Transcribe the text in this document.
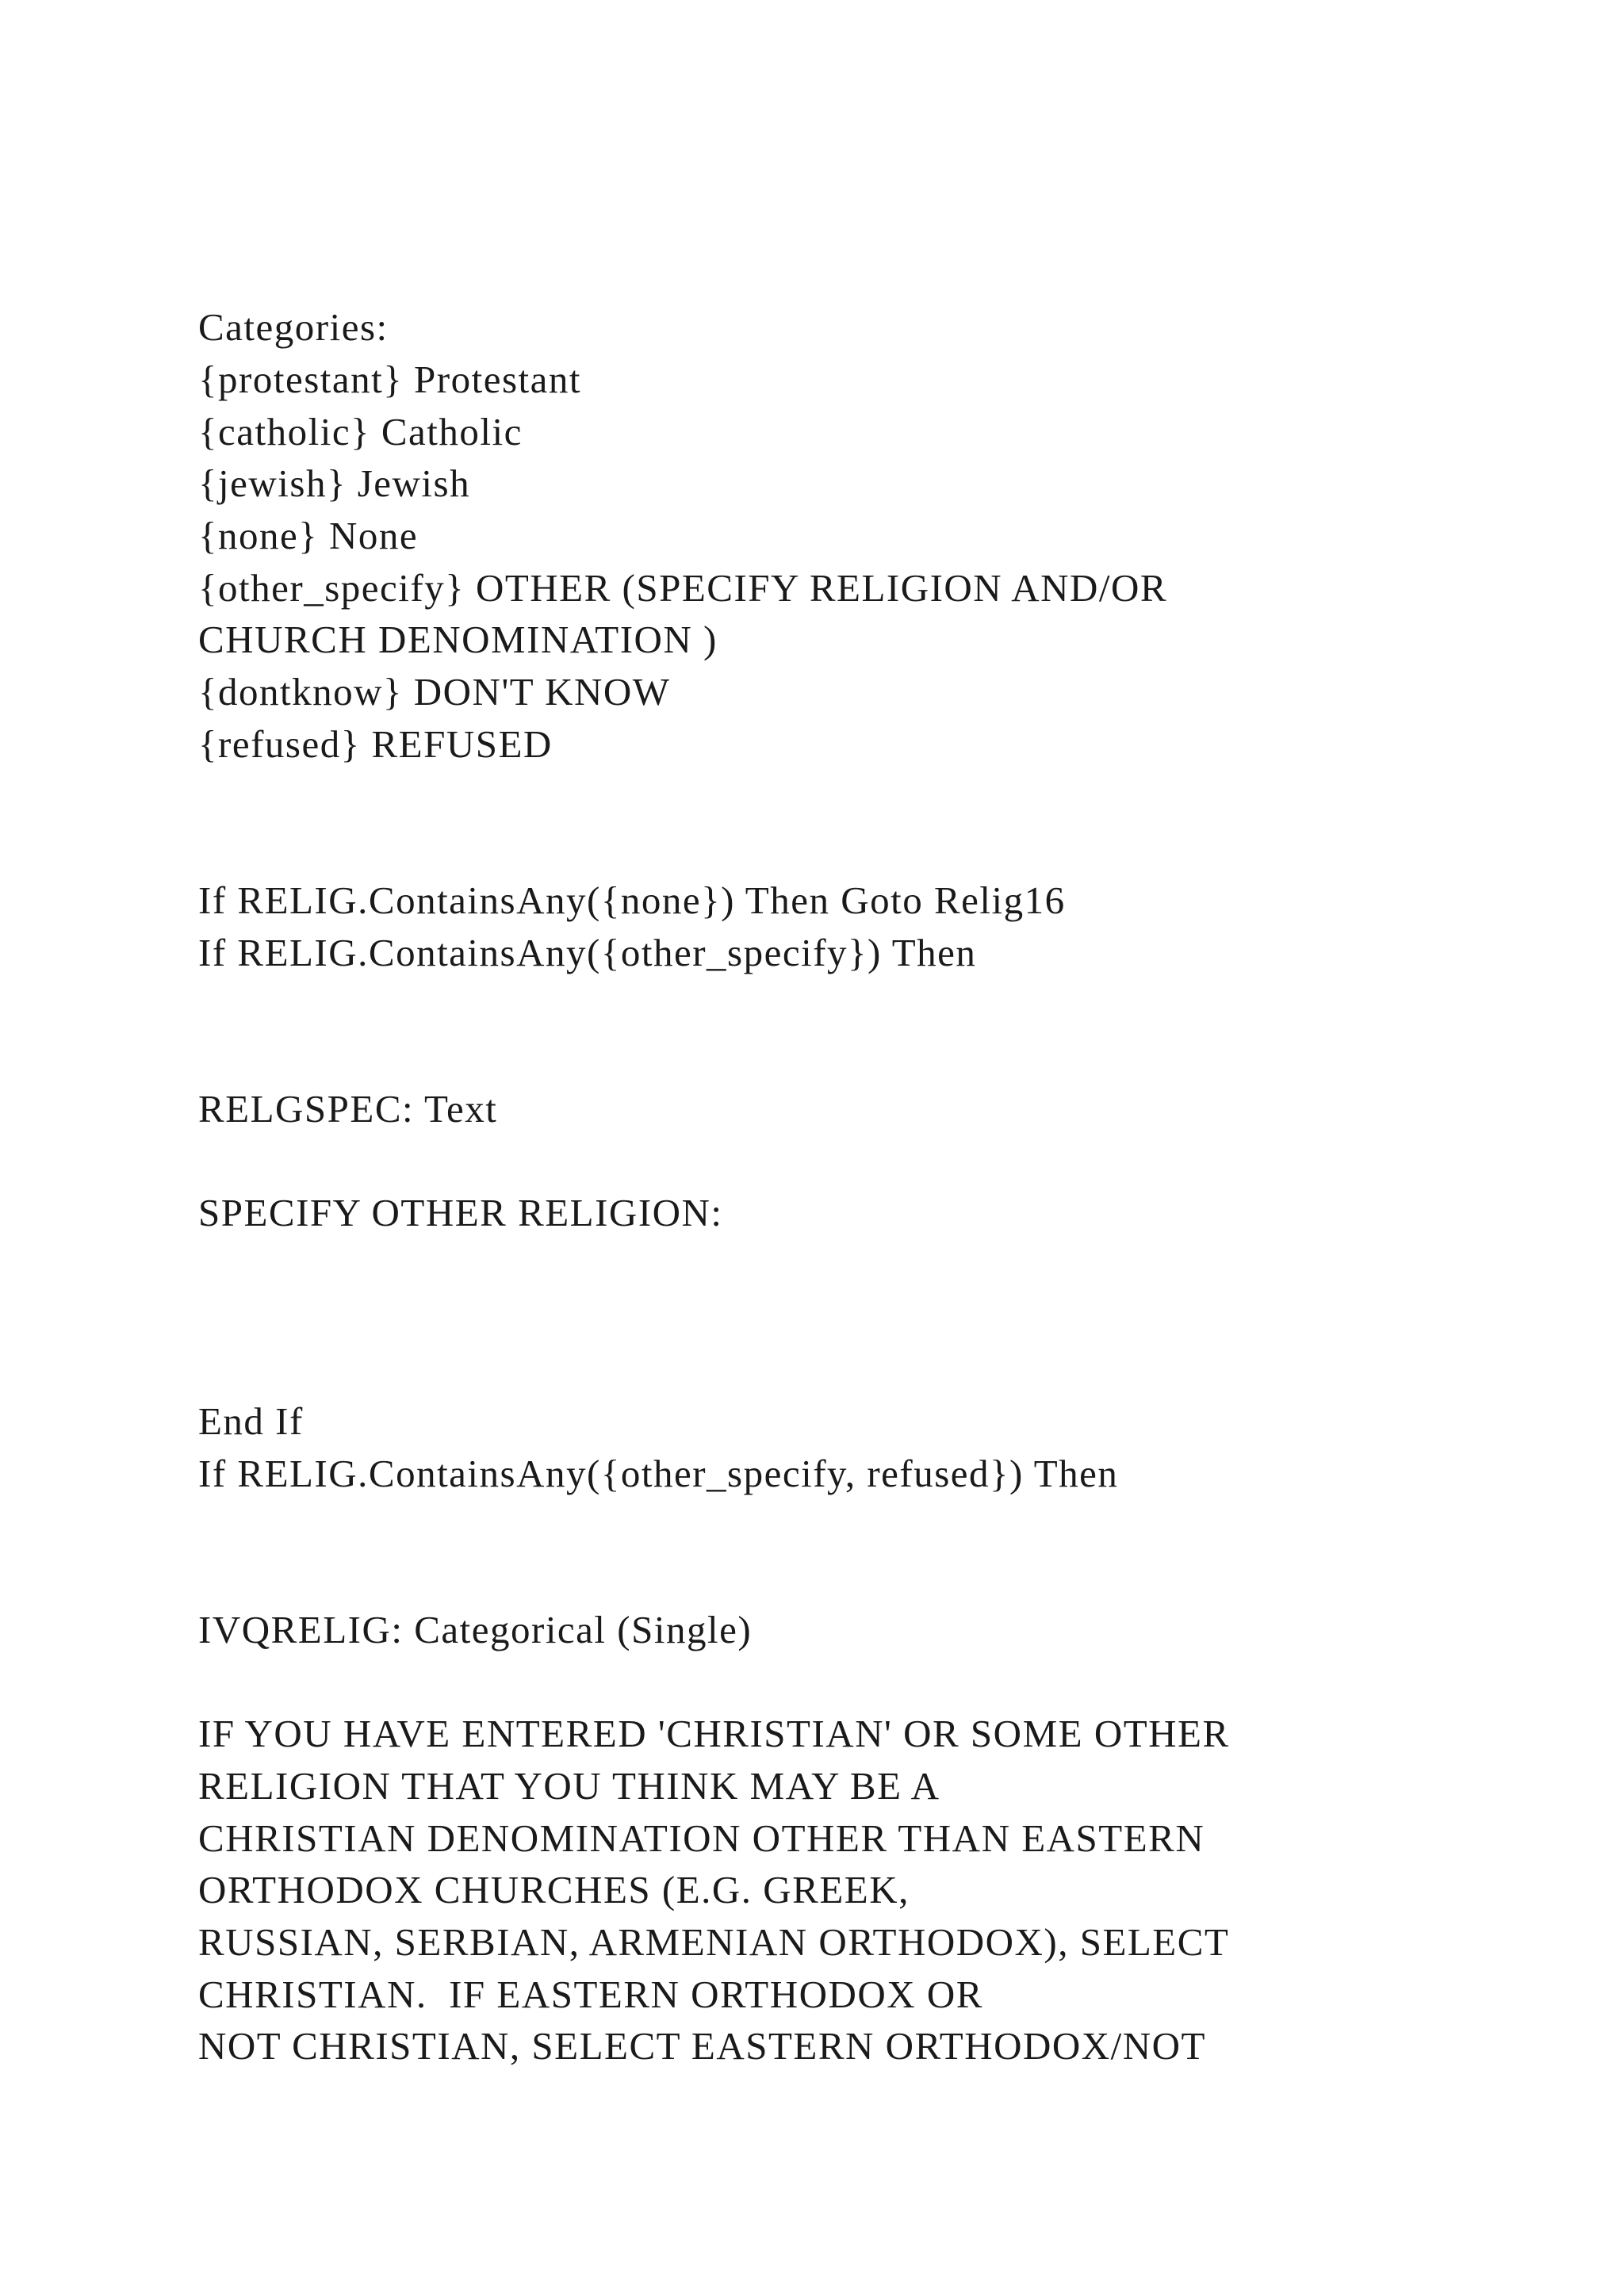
Categories:
{protestant} Protestant
{catholic} Catholic
{jewish} Jewish
{none} None
{other_specify} OTHER (SPECIFY RELIGION AND/OR
CHURCH DENOMINATION )
{dontknow} DON'T KNOW
{refused} REFUSED
If RELIG.ContainsAny({none}) Then Goto Relig16
If RELIG.ContainsAny({other_specify}) Then
RELGSPEC: Text
SPECIFY OTHER RELIGION:
End If
If RELIG.ContainsAny({other_specify, refused}) Then
IVQRELIG: Categorical (Single)
IF YOU HAVE ENTERED 'CHRISTIAN' OR SOME OTHER
RELIGION THAT YOU THINK MAY BE A
CHRISTIAN DENOMINATION OTHER THAN EASTERN
ORTHODOX CHURCHES (E.G. GREEK,
RUSSIAN, SERBIAN, ARMENIAN ORTHODOX), SELECT
CHRISTIAN.  IF EASTERN ORTHODOX OR
NOT CHRISTIAN, SELECT EASTERN ORTHODOX/NOT
